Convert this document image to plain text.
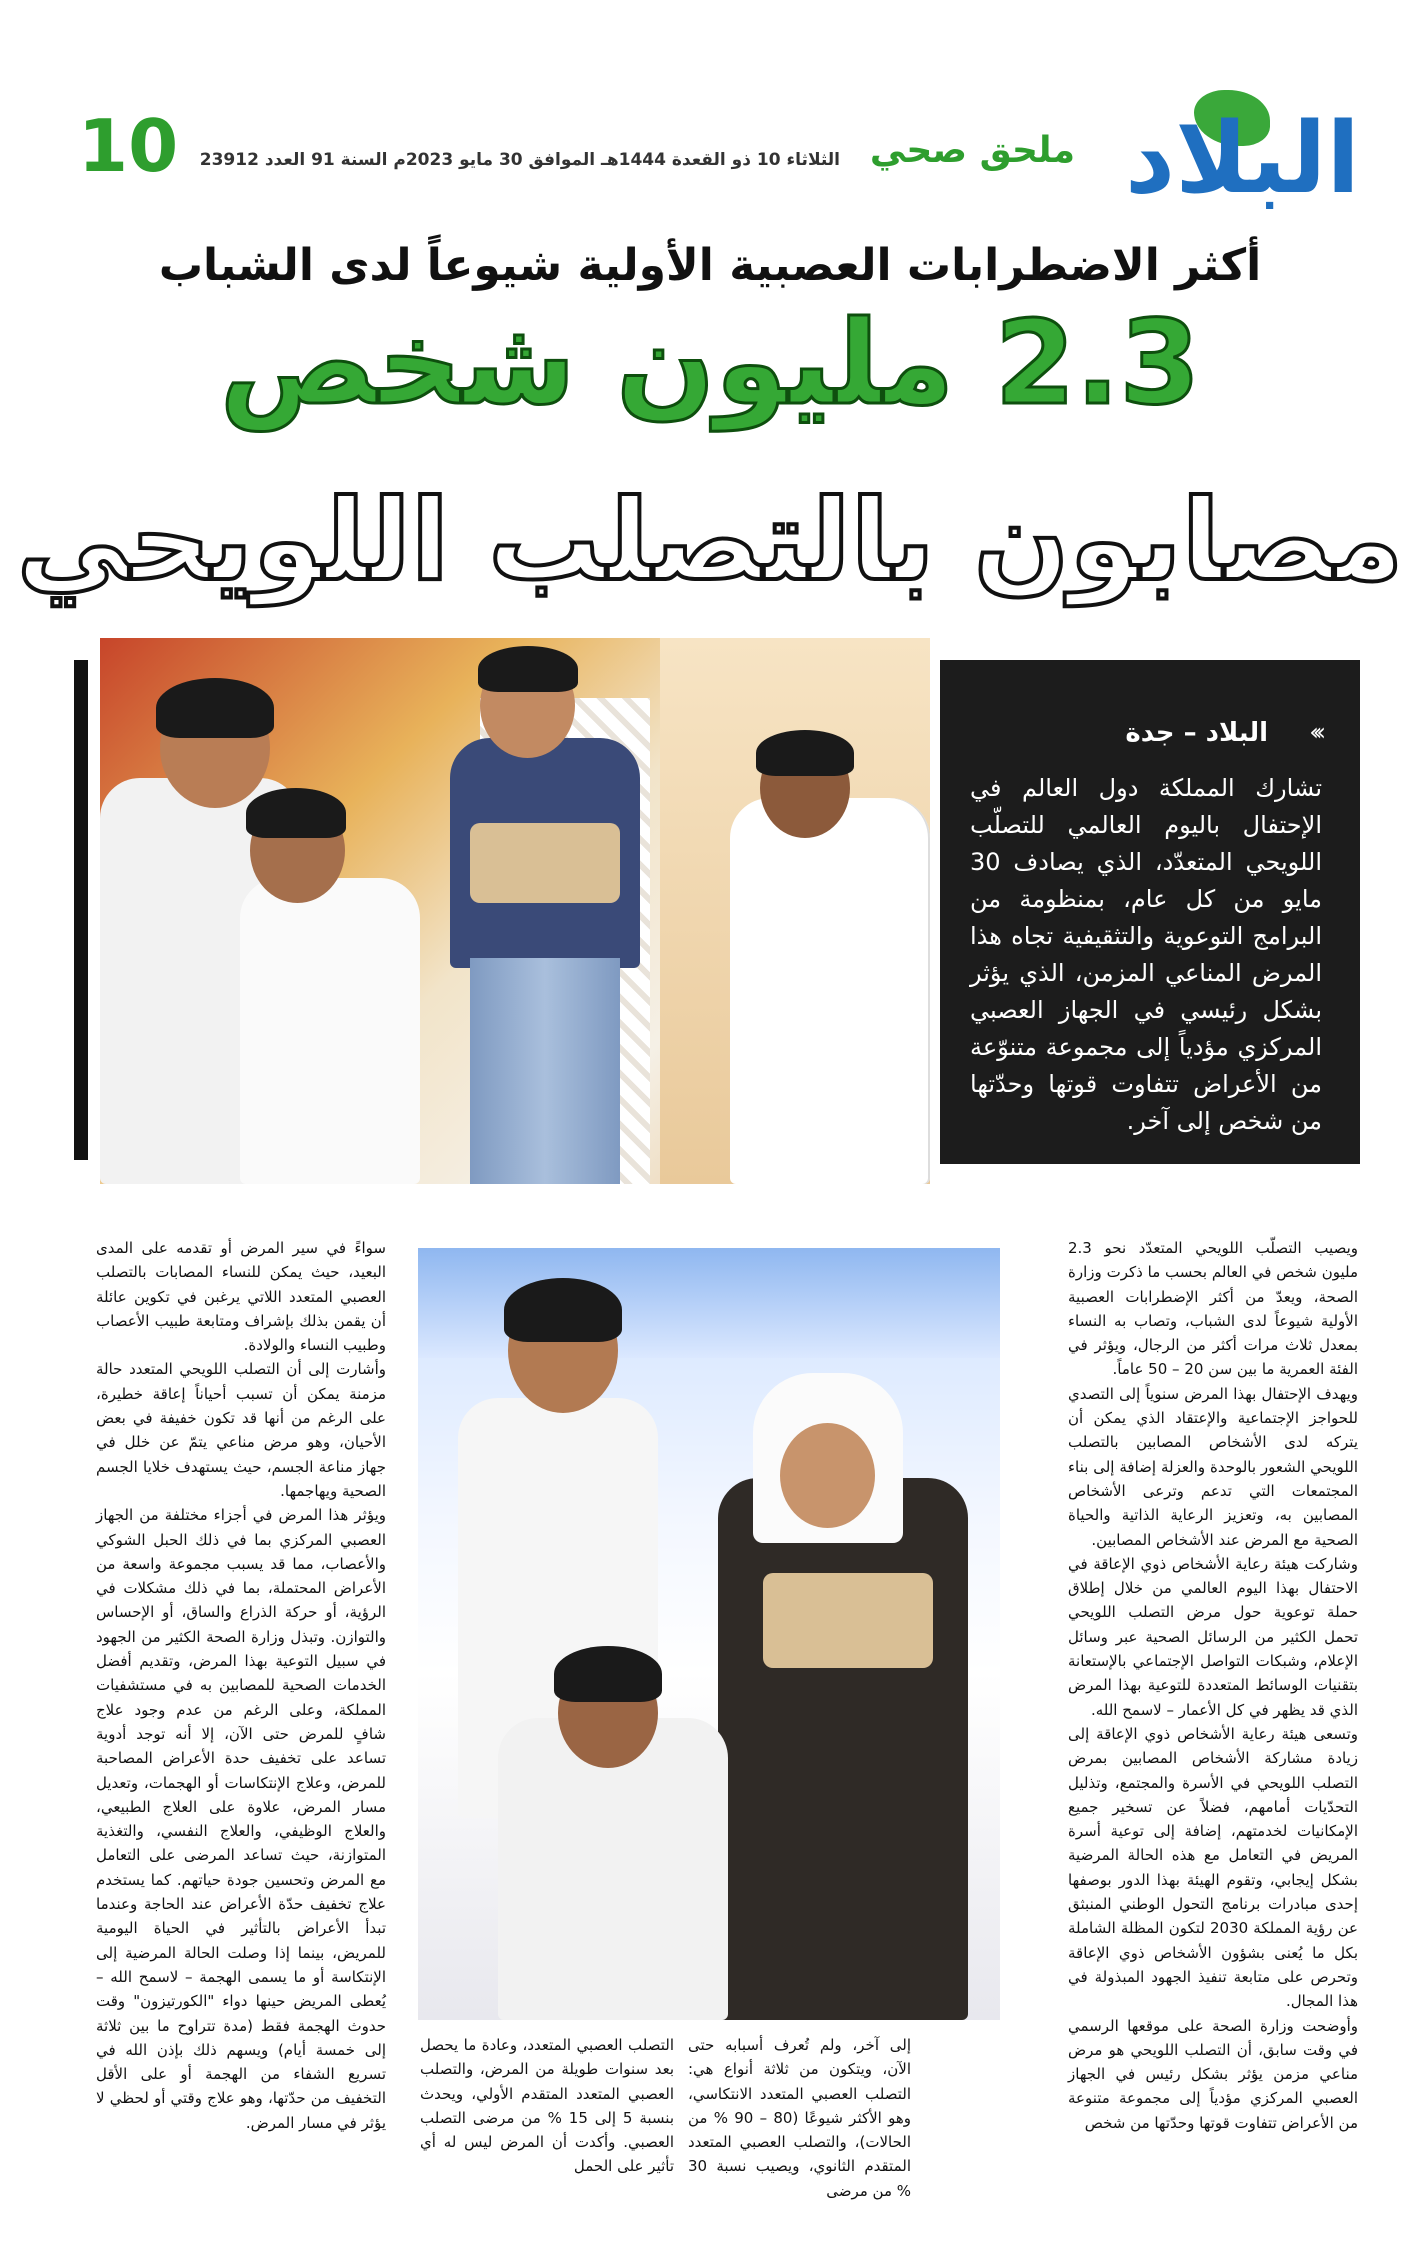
البلاد
ملحق صحي
الثلاثاء 10 ذو القعدة 1444هـ الموافق 30 مايو 2023م السنة 91 العدد 23912
10
أكثر الاضطرابات العصبية الأولية شيوعاً لدى الشباب
2.3 مليون شخص
مصابون بالتصلب اللويحي
‹‹‹
البلاد – جدة
تشارك المملكة دول العالم في الإحتفال باليوم العالمي للتصلّب اللويحي المتعدّد، الذي يصادف 30 مايو من كل عام، بمنظومة من البرامج التوعوية والتثقيفية تجاه هذا المرض المناعي المزمن، الذي يؤثر بشكل رئيسي في الجهاز العصبي المركزي مؤدياً إلى مجموعة متنوّعة من الأعراض تتفاوت قوتها وحدّتها من شخص إلى آخر.

ويصيب التصلّب اللويحي المتعدّد نحو 2.3 مليون شخص في العالم بحسب ما ذكرت وزارة الصحة، ويعدّ من أكثر الإضطرابات العصبية الأولية شيوعاً لدى الشباب، وتصاب به النساء بمعدل ثلاث مرات أكثر من الرجال، ويؤثر في الفئة العمرية ما بين سن 20 – 50 عاماً.

ويهدف الإحتفال بهذا المرض سنوياً إلى التصدي للحواجز الإجتماعية والإعتقاد الذي يمكن أن يتركه لدى الأشخاص المصابين بالتصلب اللويحي الشعور بالوحدة والعزلة إضافة إلى بناء المجتمعات التي تدعم وترعى الأشخاص المصابين به، وتعزيز الرعاية الذاتية والحياة الصحية مع المرض عند الأشخاص المصابين.

وشاركت هيئة رعاية الأشخاص ذوي الإعاقة في الاحتفال بهذا اليوم العالمي من خلال إطلاق حملة توعوية حول مرض التصلب اللويحي تحمل الكثير من الرسائل الصحية عبر وسائل الإعلام، وشبكات التواصل الإجتماعي بالإستعانة بتقنيات الوسائط المتعددة للتوعية بهذا المرض الذي قد يظهر في كل الأعمار – لاسمح الله.

وتسعى هيئة رعاية الأشخاص ذوي الإعاقة إلى زيادة مشاركة الأشخاص المصابين بمرض التصلب اللويحي في الأسرة والمجتمع، وتذليل التحدّيات أمامهم، فضلاً عن تسخير جميع الإمكانيات لخدمتهم، إضافة إلى توعية أسرة المريض في التعامل مع هذه الحالة المرضية بشكل إيجابي، وتقوم الهيئة بهذا الدور بوصفها إحدى مبادرات برنامج التحول الوطني المنبثق عن رؤية المملكة 2030 لتكون المظلة الشاملة بكل ما يُعنى بشؤون الأشخاص ذوي الإعاقة وتحرص على متابعة تنفيذ الجهود المبذولة في هذا المجال.

وأوضحت وزارة الصحة على موقعها الرسمي في وقت سابق، أن التصلب اللويحي هو مرض مناعي مزمن يؤثر بشكل رئيس في الجهاز العصبي المركزي مؤدياً إلى مجموعة متنوعة من الأعراض تتفاوت قوتها وحدّتها من شخص

إلى آخر، ولم تُعرف أسبابه حتى الآن، ويتكون من ثلاثة أنواع هي: التصلب العصبي المتعدد الانتكاسي، وهو الأكثر شيوعًا (80 – 90 % من الحالات)، والتصلب العصبي المتعدد المتقدم الثانوي، ويصيب نسبة 30 % من مرضى
التصلب العصبي المتعدد، وعادة ما يحصل بعد سنوات طويلة من المرض، والتصلب العصبي المتعدد المتقدم الأولي، ويحدث بنسبة 5 إلى 15 % من مرضى التصلب العصبي. وأكدت أن المرض ليس له أي تأثير على الحمل

سواءً في سير المرض أو تقدمه على المدى البعيد، حيث يمكن للنساء المصابات بالتصلب العصبي المتعدد اللاتي يرغبن في تكوين عائلة أن يقمن بذلك بإشراف ومتابعة طبيب الأعصاب وطبيب النساء والولادة.

وأشارت إلى أن التصلب اللويحي المتعدد حالة مزمنة يمكن أن تسبب أحياناً إعاقة خطيرة، على الرغم من أنها قد تكون خفيفة في بعض الأحيان، وهو مرض مناعي يتمّ عن خلل في جهاز مناعة الجسم، حيث يستهدف خلايا الجسم الصحية ويهاجمها.

ويؤثر هذا المرض في أجزاء مختلفة من الجهاز العصبي المركزي بما في ذلك الحبل الشوكي والأعصاب، مما قد يسبب مجموعة واسعة من الأعراض المحتملة، بما في ذلك مشكلات في الرؤية، أو حركة الذراع والساق، أو الإحساس والتوازن. وتبذل وزارة الصحة الكثير من الجهود في سبيل التوعية بهذا المرض، وتقديم أفضل الخدمات الصحية للمصابين به في مستشفيات المملكة، وعلى الرغم من عدم وجود علاج شافٍ للمرض حتى الآن، إلا أنه توجد أدوية تساعد على تخفيف حدة الأعراض المصاحبة للمرض، وعلاج الإنتكاسات أو الهجمات، وتعديل مسار المرض، علاوة على العلاج الطبيعي، والعلاج الوظيفي، والعلاج النفسي، والتغذية المتوازنة، حيث تساعد المرضى على التعامل مع المرض وتحسين جودة حياتهم. كما يستخدم علاج تخفيف حدّة الأعراض عند الحاجة وعندما تبدأ الأعراض بالتأثير في الحياة اليومية للمريض، بينما إذا وصلت الحالة المرضية إلى الإنتكاسة أو ما يسمى الهجمة – لاسمح الله – يُعطى المريض حينها دواء "الكورتيزون" وقت حدوث الهجمة فقط (مدة تتراوح ما بين ثلاثة إلى خمسة أيام) ويسهم ذلك بإذن الله في تسريع الشفاء من الهجمة أو على الأقل التخفيف من حدّتها، وهو علاج وقتي أو لحظي لا يؤثر في مسار المرض.
